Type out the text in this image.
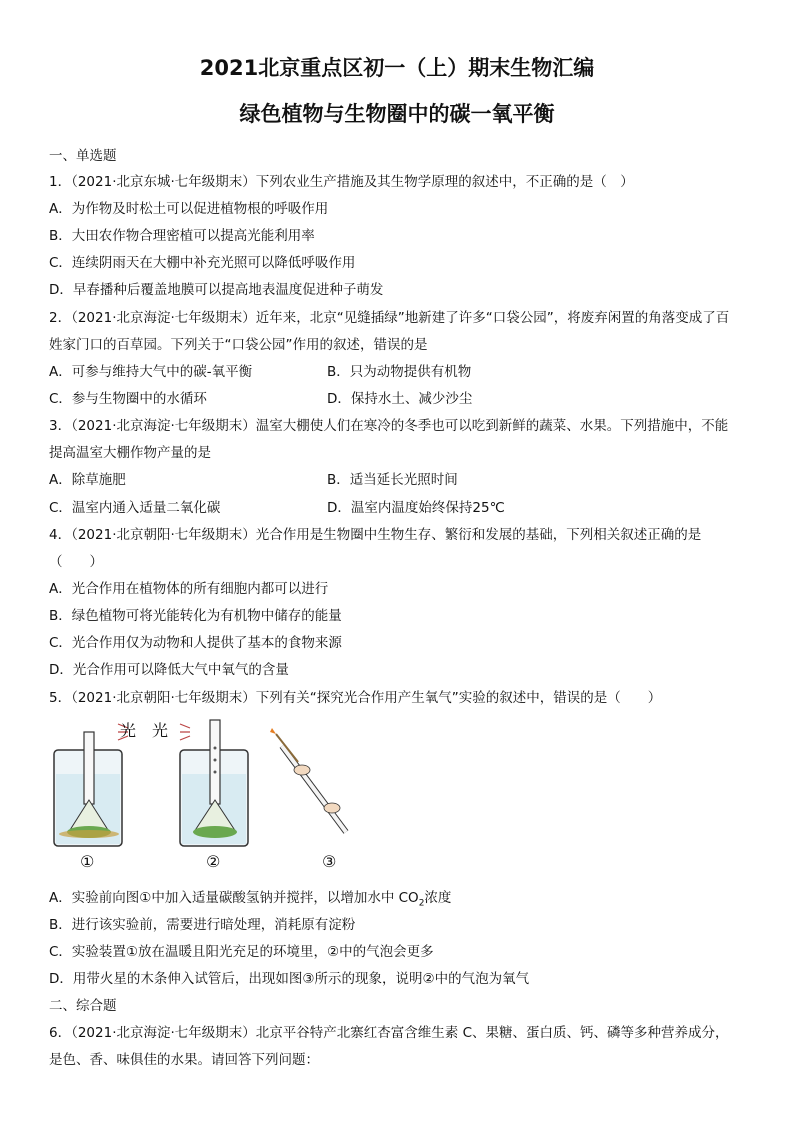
2021北京重点区初一（上）期末生物汇编
绿色植物与生物圈中的碳一氧平衡
一、单选题
1．（2021·北京东城·七年级期末）下列农业生产措施及其生物学原理的叙述中，不正确的是（　）
A．为作物及时松土可以促进植物根的呼吸作用
B．大田农作物合理密植可以提高光能利用率
C．连续阴雨天在大棚中补充光照可以降低呼吸作用
D．早春播种后覆盖地膜可以提高地表温度促进种子萌发
2．（2021·北京海淀·七年级期末）近年来，北京“见缝插绿”地新建了许多“口袋公园”，将废弃闲置的角落变成了百
姓家门口的百草园。下列关于“口袋公园”作用的叙述，错误的是
A．可参与维持大气中的碳-氧平衡	B．只为动物提供有机物
C．参与生物圈中的水循环	D．保持水土、减少沙尘
3．（2021·北京海淀·七年级期末）温室大棚使人们在寒冷的冬季也可以吃到新鲜的蔬菜、水果。下列措施中，不能
提高温室大棚作物产量的是
A．除草施肥	B．适当延长光照时间
C．温室内通入适量二氧化碳	D．温室内温度始终保持25℃
4．（2021·北京朝阳·七年级期末）光合作用是生物圈中生物生存、繁衍和发展的基础，下列相关叙述正确的是
（　　）
A．光合作用在植物体的所有细胞内都可以进行
B．绿色植物可将光能转化为有机物中储存的能量
C．光合作用仅为动物和人提供了基本的食物来源
D．光合作用可以降低大气中氧气的含量
5．（2021·北京朝阳·七年级期末）下列有关“探究光合作用产生氧气”实验的叙述中，错误的是（　　）
光　光
①	②	③
A．实验前向图①中加入适量碳酸氢钠并搅拌，以增加水中 $CO_2$浓度
B．进行该实验前，需要进行暗处理，消耗原有淀粉
C．实验装置①放在温暖且阳光充足的环境里，②中的气泡会更多
D．用带火星的木条伸入试管后，出现如图③所示的现象，说明②中的气泡为氧气
二、综合题
6．（2021·北京海淀·七年级期末）北京平谷特产北寨红杏富含维生素 C、果糖、蛋白质、钙、磷等多种营养成分，
是色、香、味俱佳的水果。请回答下列问题：
